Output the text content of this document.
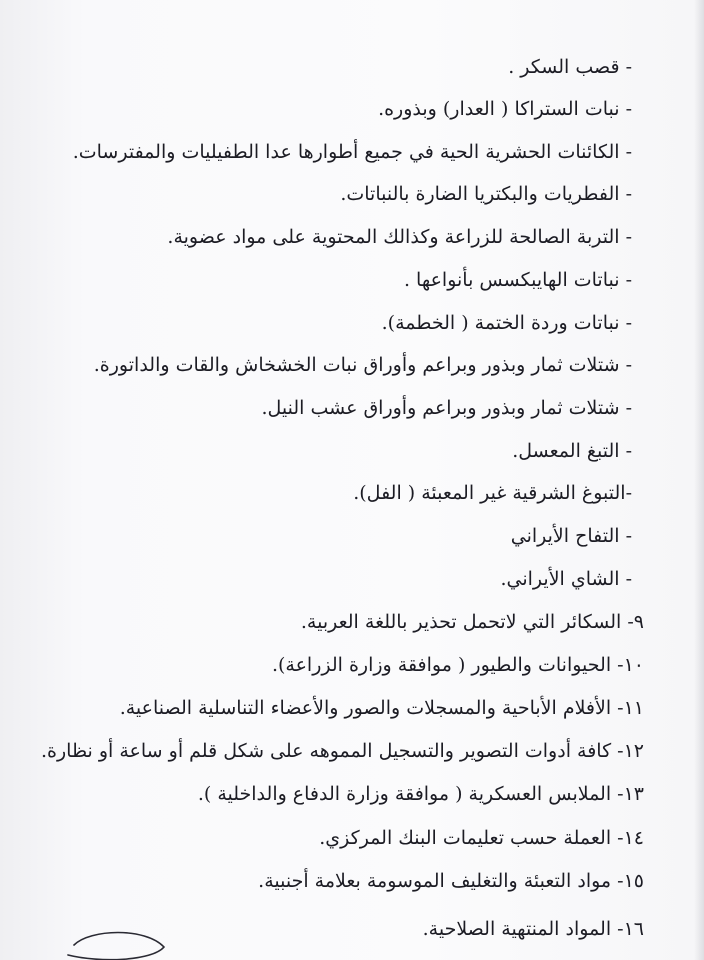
- قصب السكر .
- نبات الستراكا ( العدار) وبذوره.
- الكائنات الحشرية الحية في جميع أطوارها عدا الطفيليات والمفترسات.
- الفطريات والبكتريا الضارة بالنباتات.
- التربة الصالحة للزراعة وكذالك المحتوية على مواد عضوية.
- نباتات الهايبكسس بأنواعها .
- نباتات وردة الختمة ( الخطمة).
- شتلات ثمار وبذور وبراعم وأوراق نبات الخشخاش والقات والداتورة.
- شتلات ثمار وبذور وبراعم وأوراق عشب النيل.
- التبغ المعسل.
-التبوغ الشرقية غير المعبئة ( الفل).
- التفاح الأيراني
- الشاي الأيراني.
٩- السكائر التي لاتحمل تحذير باللغة العربية.
١٠- الحيوانات والطيور ( موافقة وزارة الزراعة).
١١- الأفلام الأباحية والمسجلات والصور والأعضاء التناسلية الصناعية.
١٢- كافة أدوات التصوير والتسجيل المموهه على شكل قلم أو ساعة أو نظارة.
١٣- الملابس العسكرية ( موافقة وزارة الدفاع والداخلية ).
١٤- العملة حسب تعليمات البنك المركزي.
١٥- مواد التعبئة والتغليف الموسومة بعلامة أجنبية.
١٦- المواد المنتهية الصلاحية.
